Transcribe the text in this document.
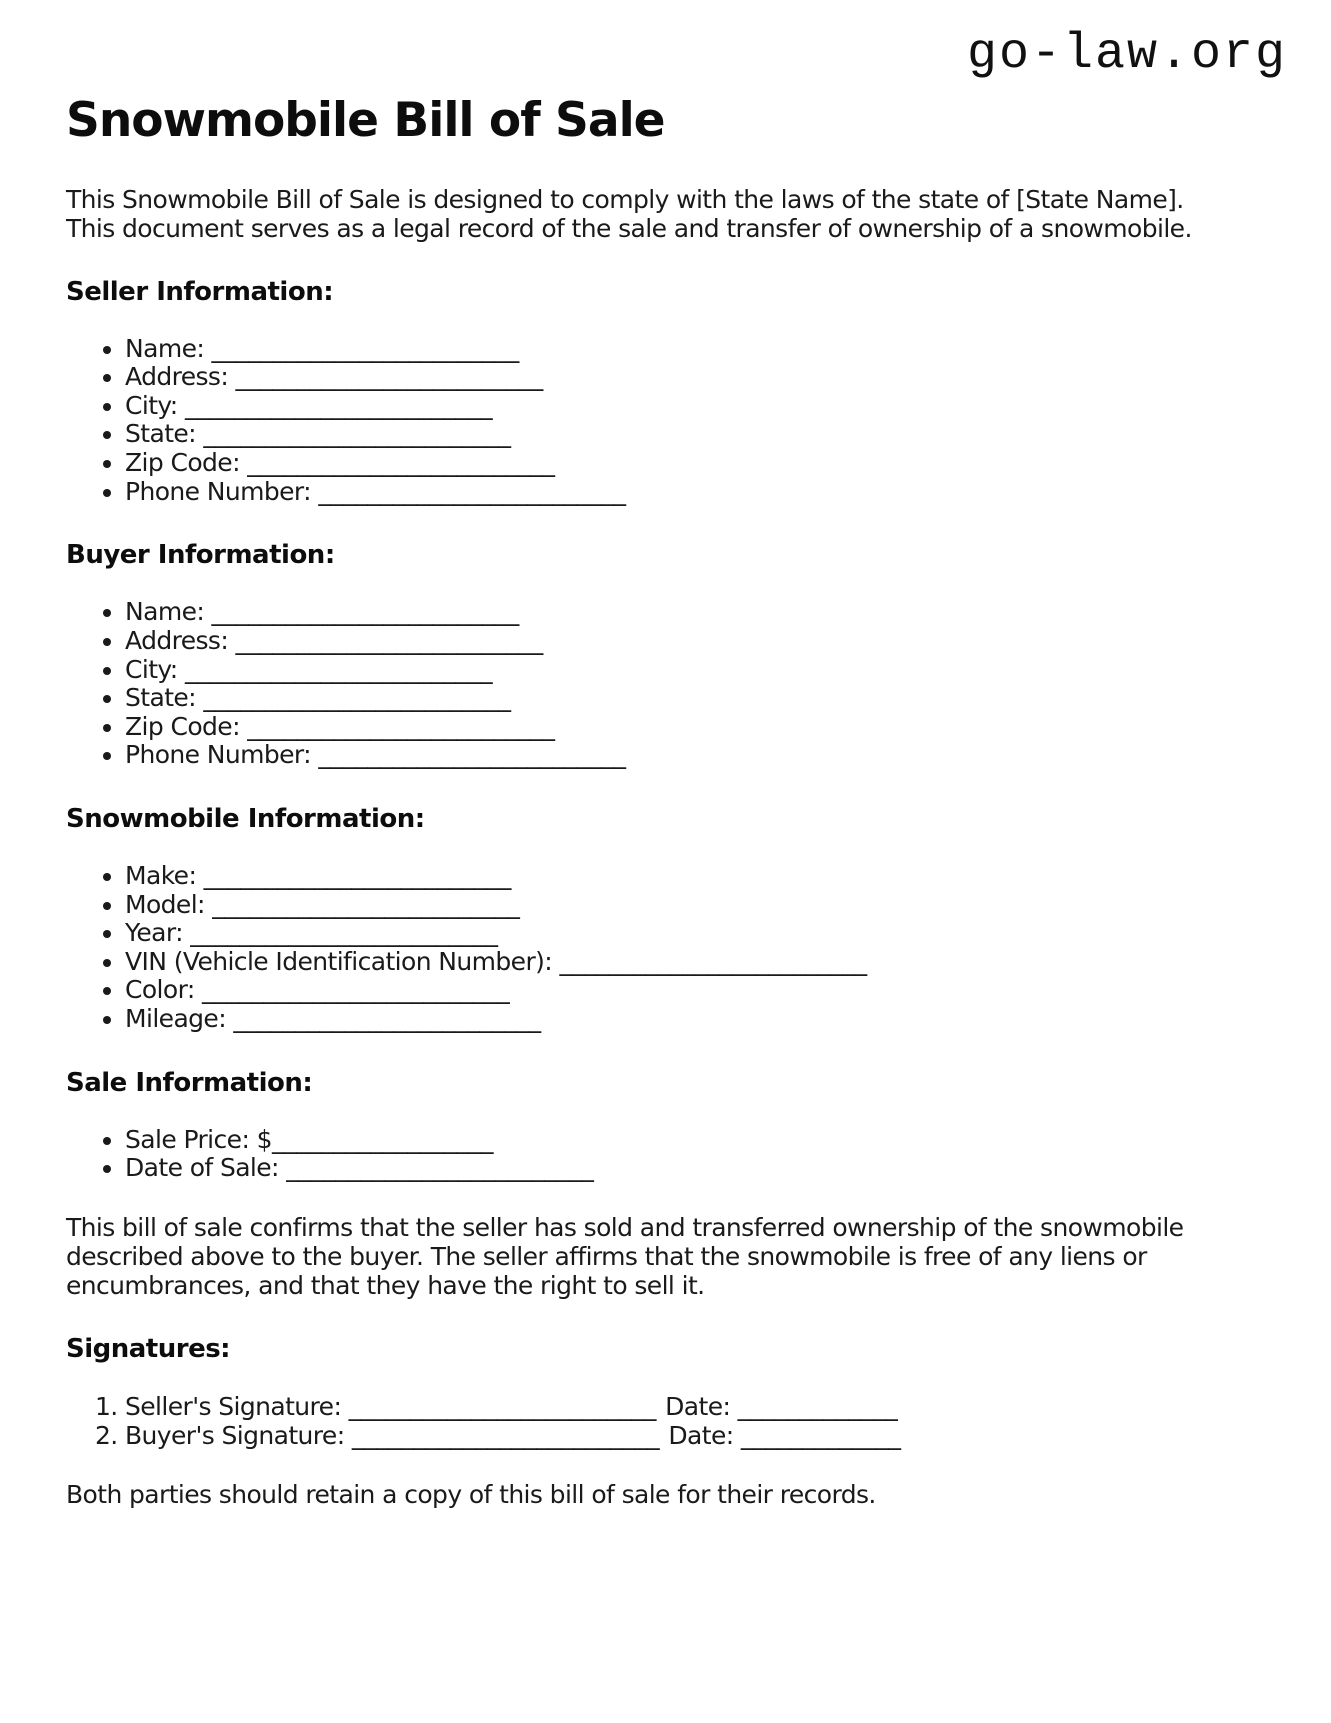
go-law.org
Snowmobile Bill of Sale

This Snowmobile Bill of Sale is designed to comply with the laws of the state of [State Name]. This document serves as a legal record of the sale and transfer of ownership of a snowmobile.

Seller Information:
• Name: _________________________
• Address: _________________________
• City: _________________________
• State: _________________________
• Zip Code: _________________________
• Phone Number: _________________________
Buyer Information:
• Name: _________________________
• Address: _________________________
• City: _________________________
• State: _________________________
• Zip Code: _________________________
• Phone Number: _________________________
Snowmobile Information:
• Make: _________________________
• Model: _________________________
• Year: _________________________
• VIN (Vehicle Identification Number): _________________________
• Color: _________________________
• Mileage: _________________________
Sale Information:
• Sale Price: $__________________
• Date of Sale: _________________________

This bill of sale confirms that the seller has sold and transferred ownership of the snowmobile described above to the buyer. The seller affirms that the snowmobile is free of any liens or encumbrances, and that they have the right to sell it.

Signatures:
1. Seller's Signature: _________________________ Date: _____________
2. Buyer's Signature: _________________________ Date: _____________

Both parties should retain a copy of this bill of sale for their records.
